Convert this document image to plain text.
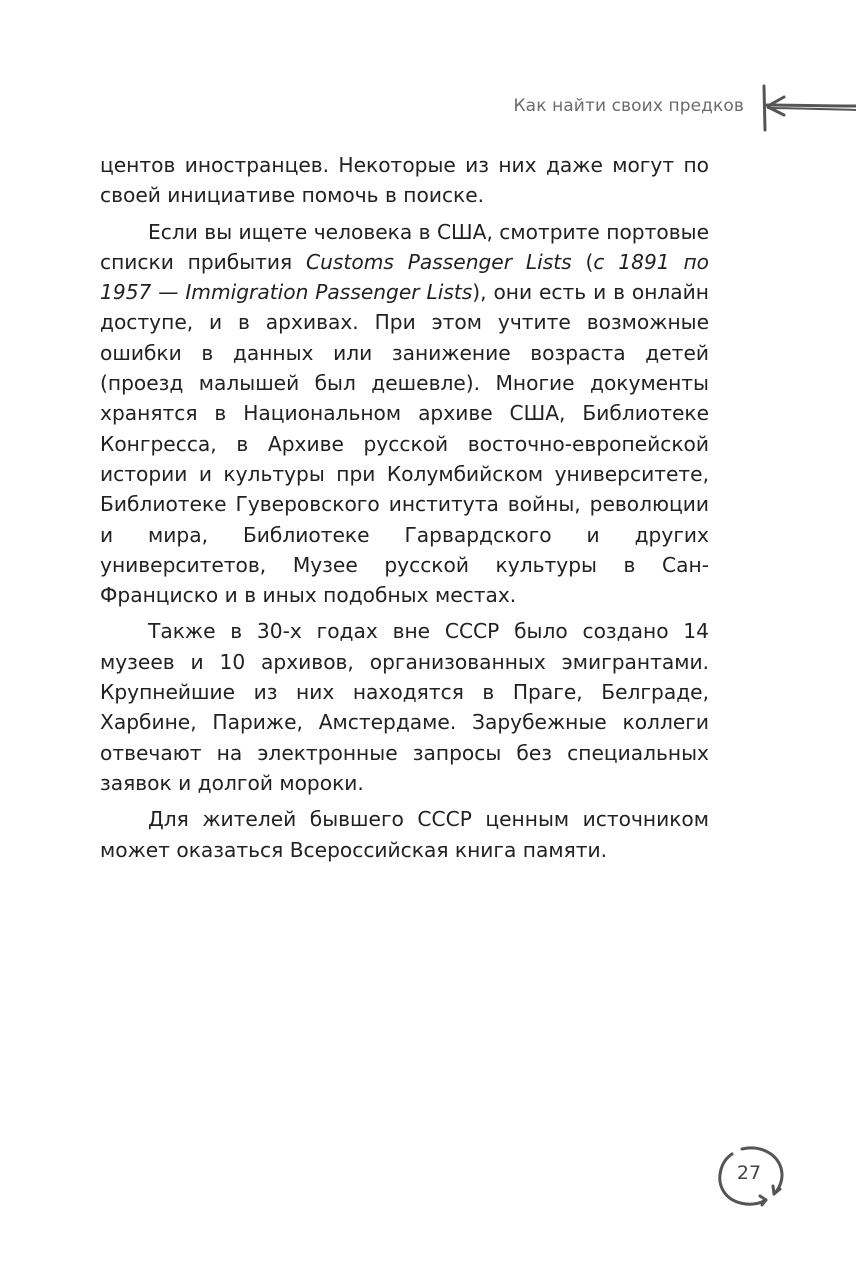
Как найти своих предков

центов иностранцев. Некоторые из них даже могут по своей инициативе помочь в поиске.

Если вы ищете человека в США, смотрите портовые списки прибытия Customs Passenger Lists (с 1891 по 1957 — Immigration Passenger Lists), они есть и в онлайн доступе, и в архивах. При этом учтите возможные ошибки в данных или занижение возраста детей (проезд малышей был дешевле). Многие документы хранятся в Национальном архиве США, Библиотеке Конгресса, в Архиве русской восточно-европейской истории и культуры при Колумбийском университете, Библиотеке Гуверовского института войны, революции и мира, Библиотеке Гарвардского и других университетов, Музее русской культуры в Сан-Франциско и в иных подобных местах.

Также в 30-х годах вне СССР было создано 14 музеев и 10 архивов, организованных эмигрантами. Крупнейшие из них находятся в Праге, Белграде, Харбине, Париже, Амстердаме. Зарубежные коллеги отвечают на электронные запросы без специальных заявок и долгой мороки.

Для жителей бывшего СССР ценным источником может оказаться Всероссийская книга памяти.

27
